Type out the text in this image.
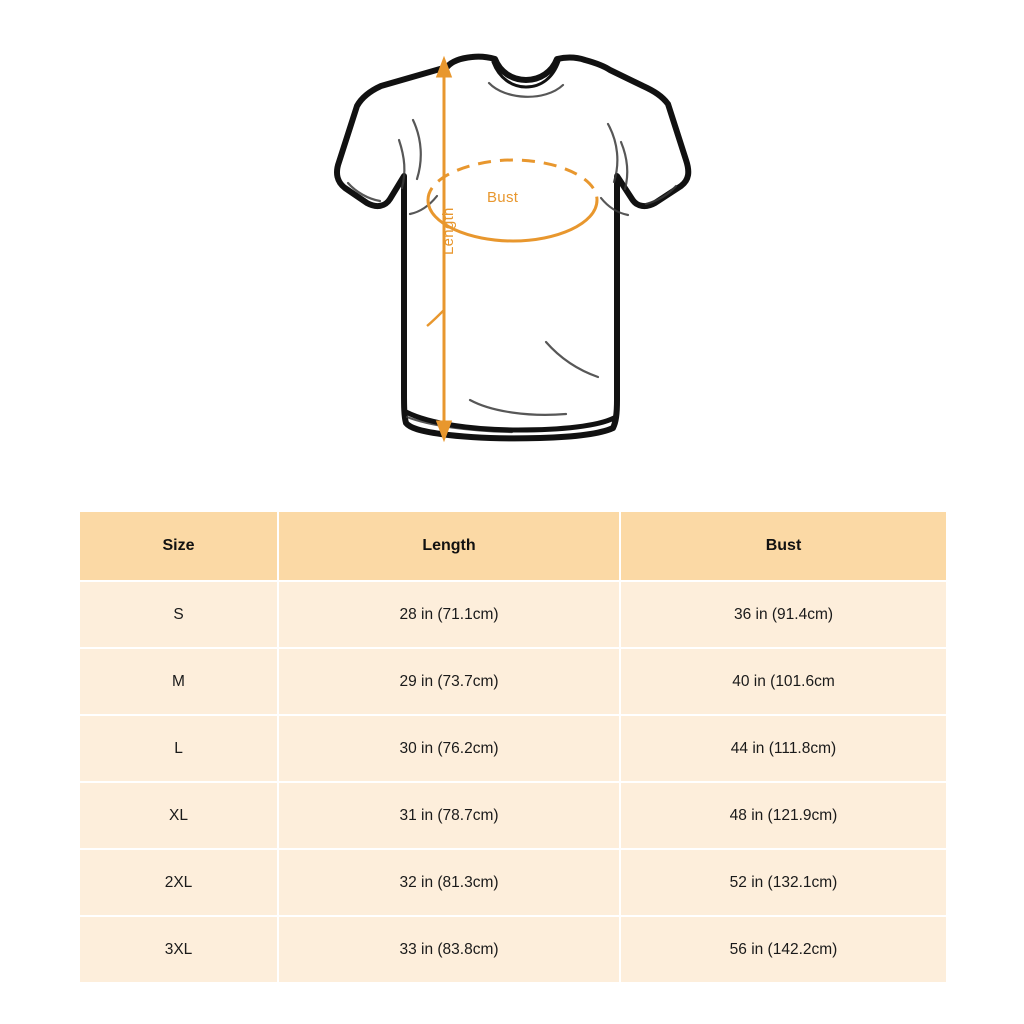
Bust
Length
Size	Length	Bust
S	28 in (71.1cm)	36 in (91.4cm)
M	29 in (73.7cm)	40 in (101.6cm
L	30 in (76.2cm)	44 in (111.8cm)
XL	31 in (78.7cm)	48 in (121.9cm)
2XL	32 in (81.3cm)	52 in (132.1cm)
3XL	33 in (83.8cm)	56 in (142.2cm)
